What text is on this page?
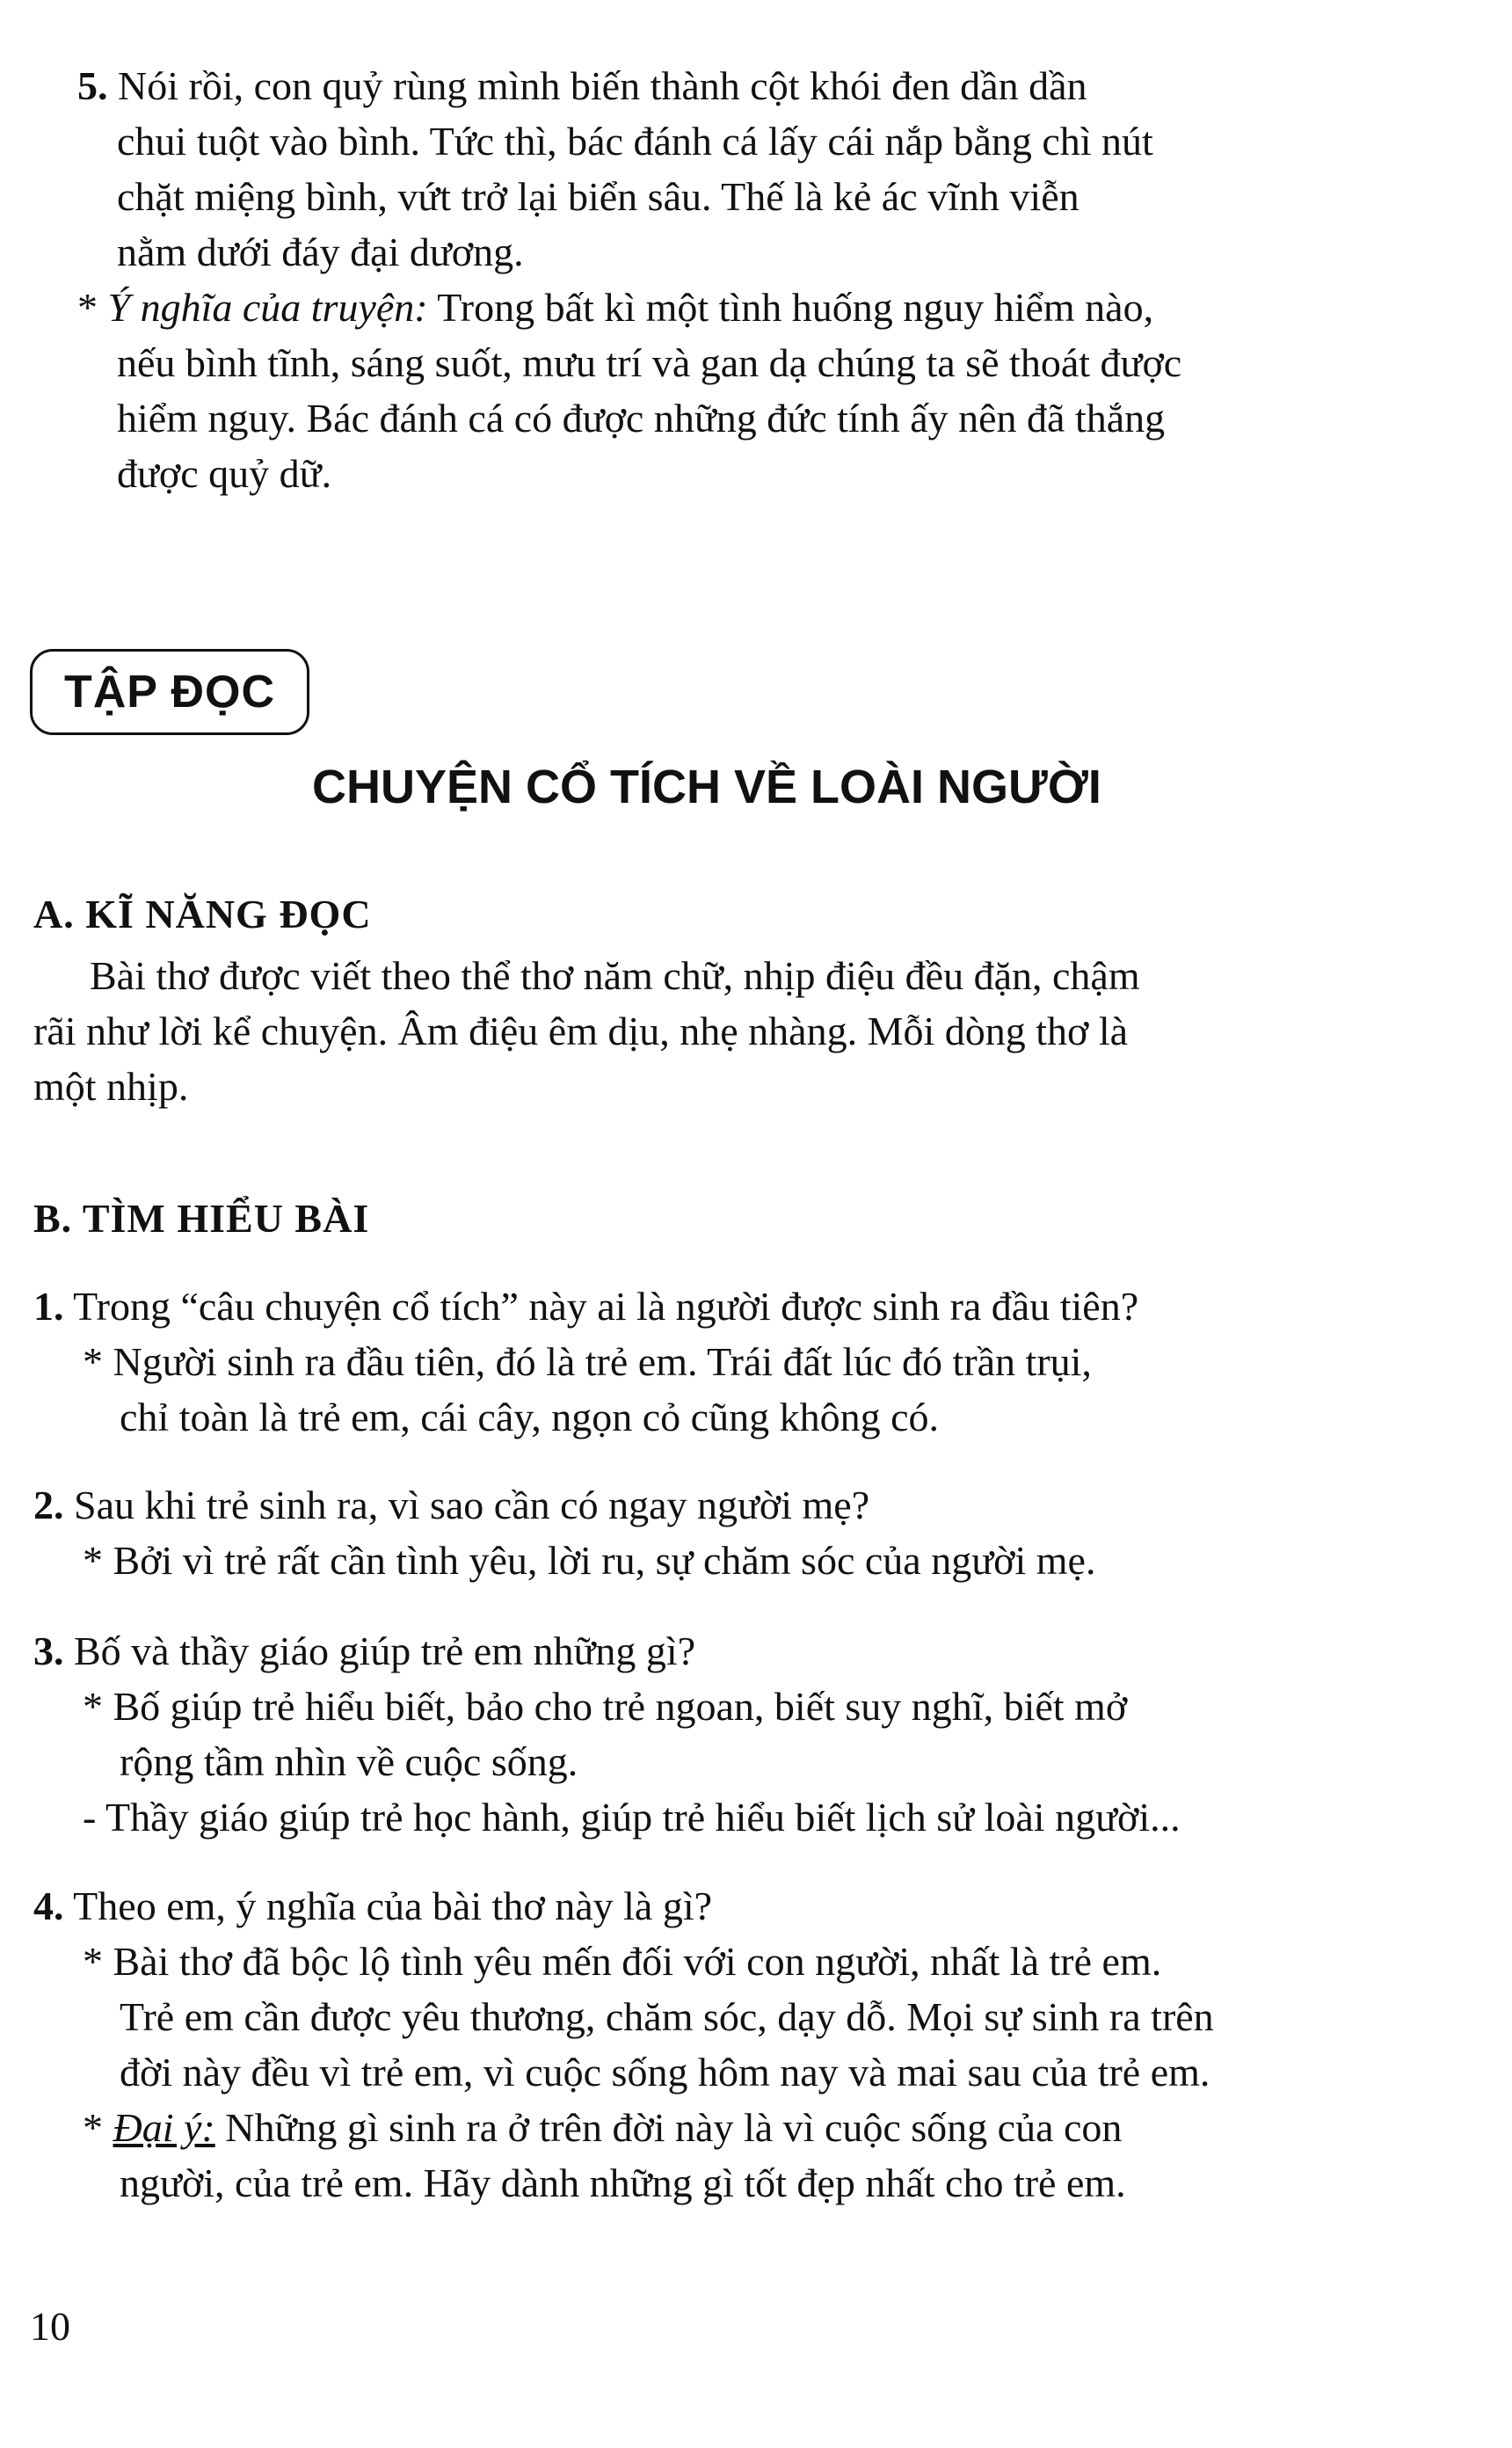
5. Nói rồi, con quỷ rùng mình biến thành cột khói đen dần dần
chui tuột vào bình. Tức thì, bác đánh cá lấy cái nắp bằng chì nút
chặt miệng bình, vứt trở lại biển sâu. Thế là kẻ ác vĩnh viễn
nằm dưới đáy đại dương.
* Ý nghĩa của truyện: Trong bất kì một tình huống nguy hiểm nào,
nếu bình tĩnh, sáng suốt, mưu trí và gan dạ chúng ta sẽ thoát được
hiểm nguy. Bác đánh cá có được những đức tính ấy nên đã thắng
được quỷ dữ.
TẬP ĐỌC
CHUYỆN CỔ TÍCH VỀ LOÀI NGƯỜI
A. KĨ NĂNG ĐỌC
Bài thơ được viết theo thể thơ năm chữ, nhịp điệu đều đặn, chậm
rãi như lời kể chuyện. Âm điệu êm dịu, nhẹ nhàng. Mỗi dòng thơ là
một nhịp.
B. TÌM HIỂU BÀI
1. Trong “câu chuyện cổ tích” này ai là người được sinh ra đầu tiên?
* Người sinh ra đầu tiên, đó là trẻ em. Trái đất lúc đó trần trụi,
chỉ toàn là trẻ em, cái cây, ngọn cỏ cũng không có.
2. Sau khi trẻ sinh ra, vì sao cần có ngay người mẹ?
* Bởi vì trẻ rất cần tình yêu, lời ru, sự chăm sóc của người mẹ.
3. Bố và thầy giáo giúp trẻ em những gì?
* Bố giúp trẻ hiểu biết, bảo cho trẻ ngoan, biết suy nghĩ, biết mở
rộng tầm nhìn về cuộc sống.
- Thầy giáo giúp trẻ học hành, giúp trẻ hiểu biết lịch sử loài người...
4. Theo em, ý nghĩa của bài thơ này là gì?
* Bài thơ đã bộc lộ tình yêu mến đối với con người, nhất là trẻ em.
Trẻ em cần được yêu thương, chăm sóc, dạy dỗ. Mọi sự sinh ra trên
đời này đều vì trẻ em, vì cuộc sống hôm nay và mai sau của trẻ em.
* Đại ý: Những gì sinh ra ở trên đời này là vì cuộc sống của con
người, của trẻ em. Hãy dành những gì tốt đẹp nhất cho trẻ em.
10
